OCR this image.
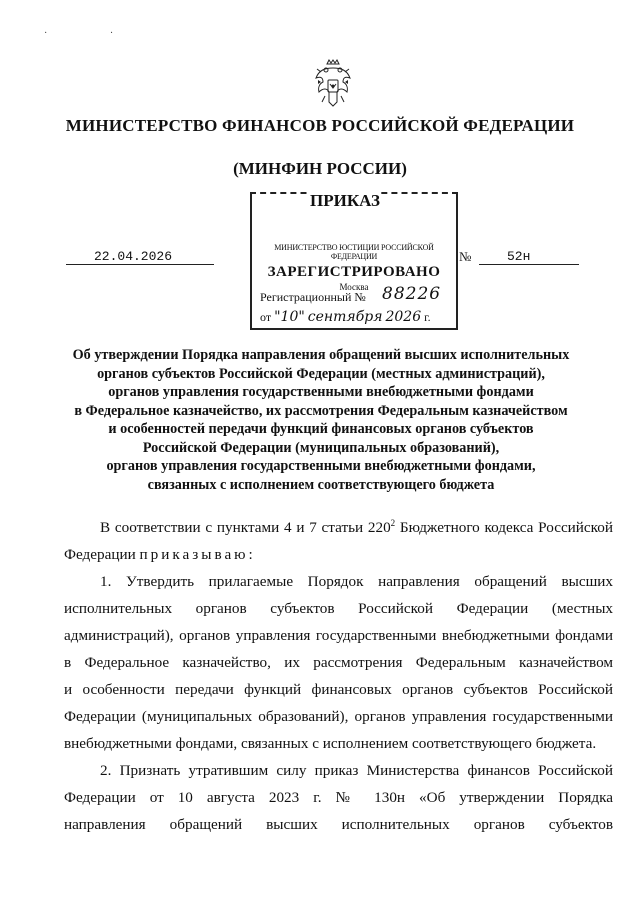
· ·
МИНИСТЕРСТВО ФИНАНСОВ РОССИЙСКОЙ ФЕДЕРАЦИИ
(МИНФИН РОССИИ)
ПРИКАЗ
МИНИСТЕРСТВО ЮСТИЦИИ РОССИЙСКОЙ ФЕДЕРАЦИИ
ЗАРЕГИСТРИРОВАНО
Москва
Регистрационный № 88226
от "10" сентября 2026 г.
22.04.2026	№	52н
Об утверждении Порядка направления обращений высших исполнительных
органов субъектов Российской Федерации (местных администраций),
органов управления государственными внебюджетными фондами
в Федеральное казначейство, их рассмотрения Федеральным казначейством
и особенностей передачи функций финансовых органов субъектов
Российской Федерации (муниципальных образований),
органов управления государственными внебюджетными фондами,
связанных с исполнением соответствующего бюджета
В соответствии с пунктами 4 и 7 статьи $220^2$ Бюджетного кодекса Российской
Федерации приказываю:
1. Утвердить прилагаемые Порядок направления обращений высших
исполнительных органов субъектов Российской Федерации (местных
администраций), органов управления государственными внебюджетными фондами
в Федеральное казначейство, их рассмотрения Федеральным казначейством
и особенности передачи функций финансовых органов субъектов Российской
Федерации (муниципальных образований), органов управления государственными
внебюджетными фондами, связанных с исполнением соответствующего бюджета.
2. Признать утратившим силу приказ Министерства финансов Российской
Федерации от 10 августа 2023 г. № 130н «Об утверждении Порядка
направления обращений высших исполнительных органов субъектов
